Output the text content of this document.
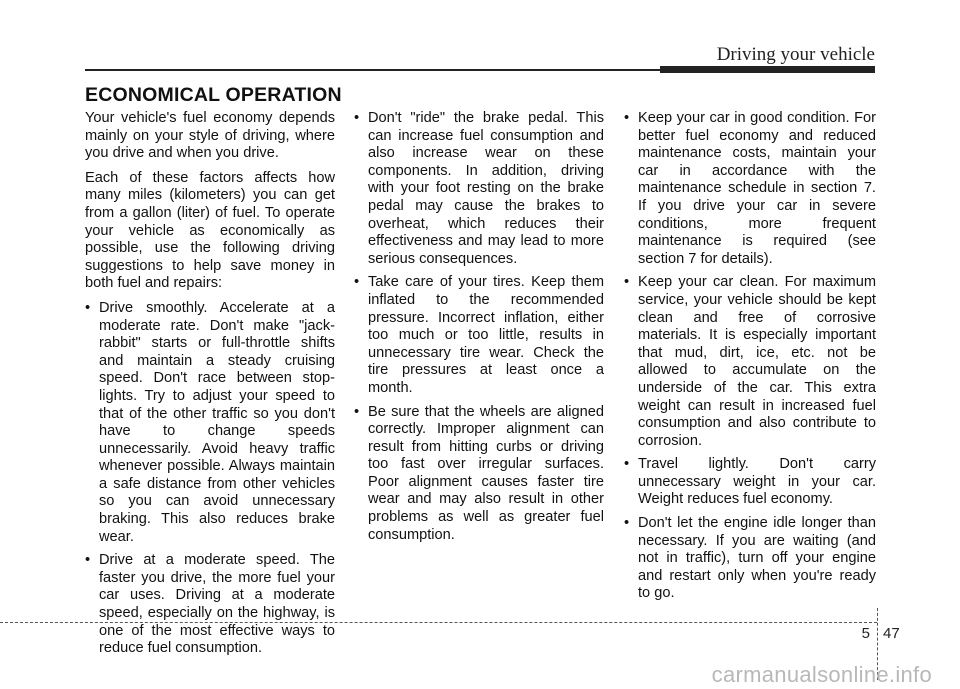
Driving your vehicle
ECONOMICAL OPERATION

Your vehicle's fuel economy depends mainly on your style of driving, where you drive and when you drive.

Each of these factors affects how many miles (kilometers) you can get from a gallon (liter) of fuel. To operate your vehicle as economically as possible, use the following driving suggestions to help save money in both fuel and repairs:

• Drive smoothly. Accelerate at a moderate rate. Don't make "jack-rabbit" starts or full-throttle shifts and maintain a steady cruising speed. Don't race between stop-lights. Try to adjust your speed to that of the other traffic so you don't have to change speeds unnecessarily. Avoid heavy traffic whenever possible. Always maintain a safe distance from other vehicles so you can avoid unnecessary braking. This also reduces brake wear.
• Drive at a moderate speed. The faster you drive, the more fuel your car uses. Driving at a moderate speed, especially on the highway, is one of the most effective ways to reduce fuel consumption.
• Don't "ride" the brake pedal. This can increase fuel consumption and also increase wear on these components. In addition, driving with your foot resting on the brake pedal may cause the brakes to overheat, which reduces their effectiveness and may lead to more serious consequences.
• Take care of your tires. Keep them inflated to the recommended pressure. Incorrect inflation, either too much or too little, results in unnecessary tire wear. Check the tire pressures at least once a month.
• Be sure that the wheels are aligned correctly. Improper alignment can result from hitting curbs or driving too fast over irregular surfaces. Poor alignment causes faster tire wear and may also result in other problems as well as greater fuel consumption.
• Keep your car in good condition. For better fuel economy and reduced maintenance costs, maintain your car in accordance with the maintenance schedule in section 7. If you drive your car in severe conditions, more frequent maintenance is required (see section 7 for details).
• Keep your car clean. For maximum service, your vehicle should be kept clean and free of corrosive materials. It is especially important that mud, dirt, ice, etc. not be allowed to accumulate on the underside of the car. This extra weight can result in increased fuel consumption and also contribute to corrosion.
• Travel lightly. Don't carry unnecessary weight in your car. Weight reduces fuel economy.
• Don't let the engine idle longer than necessary. If you are waiting (and not in traffic), turn off your engine and restart only when you're ready to go.
5 47
carmanualsonline.info
